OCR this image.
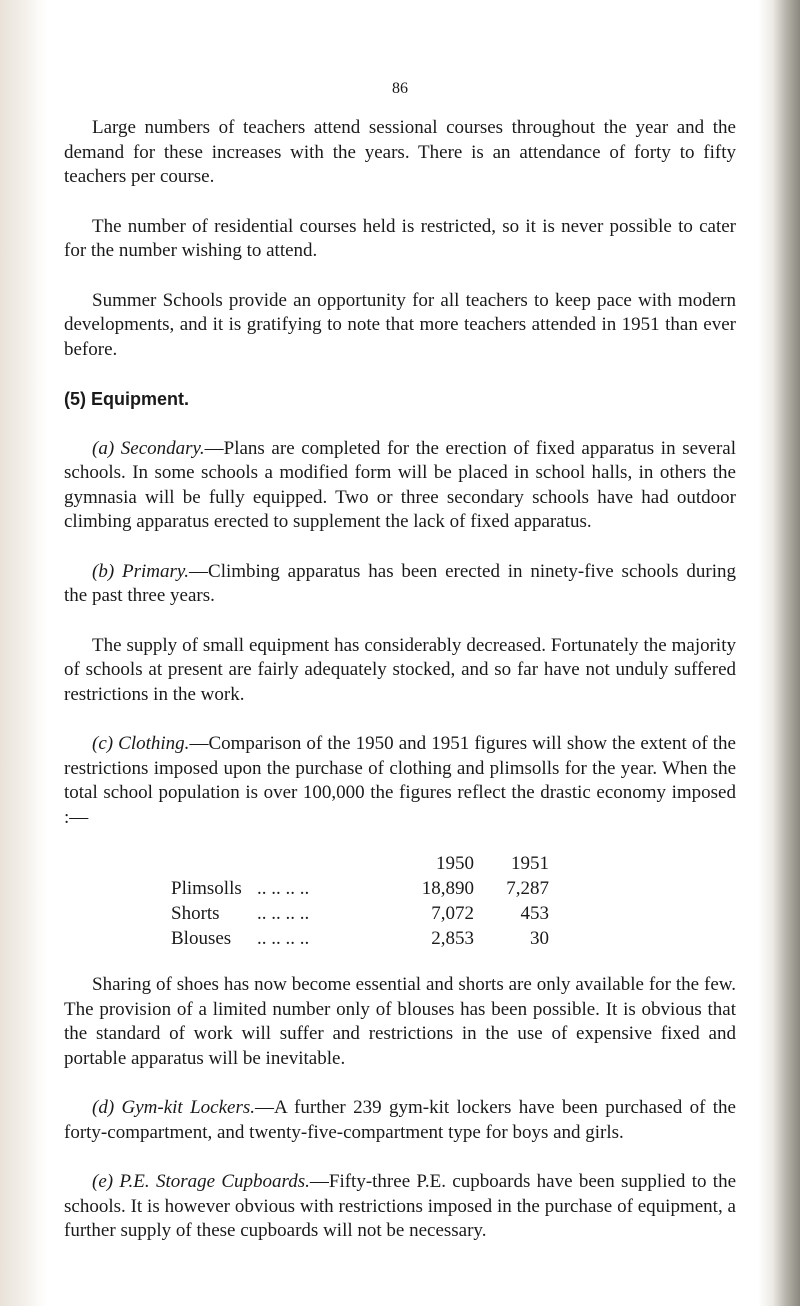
86

Large numbers of teachers attend sessional courses throughout the year and the demand for these increases with the years. There is an attendance of forty to fifty teachers per course.

The number of residential courses held is restricted, so it is never possible to cater for the number wishing to attend.

Summer Schools provide an opportunity for all teachers to keep pace with modern developments, and it is gratifying to note that more teachers attended in 1951 than ever before.

(5) Equipment.

(a) Secondary.—Plans are completed for the erection of fixed apparatus in several schools. In some schools a modified form will be placed in school halls, in others the gymnasia will be fully equipped. Two or three secondary schools have had outdoor climbing apparatus erected to supplement the lack of fixed apparatus.

(b) Primary.—Climbing apparatus has been erected in ninety-five schools during the past three years.

The supply of small equipment has considerably decreased. Fortunately the majority of schools at present are fairly adequately stocked, and so far have not unduly suffered restrictions in the work.

(c) Clothing.—Comparison of the 1950 and 1951 figures will show the extent of the restrictions imposed upon the purchase of clothing and plimsolls for the year. When the total school population is over 100,000 the figures reflect the drastic economy imposed :—

		1950	1951
Plimsolls	.. .. .. ..	18,890	7,287
Shorts	.. .. .. ..	7,072	453
Blouses	.. .. .. ..	2,853	30

Sharing of shoes has now become essential and shorts are only available for the few. The provision of a limited number only of blouses has been possible. It is obvious that the standard of work will suffer and restrictions in the use of expensive fixed and portable apparatus will be inevitable.

(d) Gym-kit Lockers.—A further 239 gym-kit lockers have been purchased of the forty-compartment, and twenty-five-compartment type for boys and girls.

(e) P.E. Storage Cupboards.—Fifty-three P.E. cupboards have been supplied to the schools. It is however obvious with restrictions imposed in the purchase of equipment, a further supply of these cupboards will not be necessary.
